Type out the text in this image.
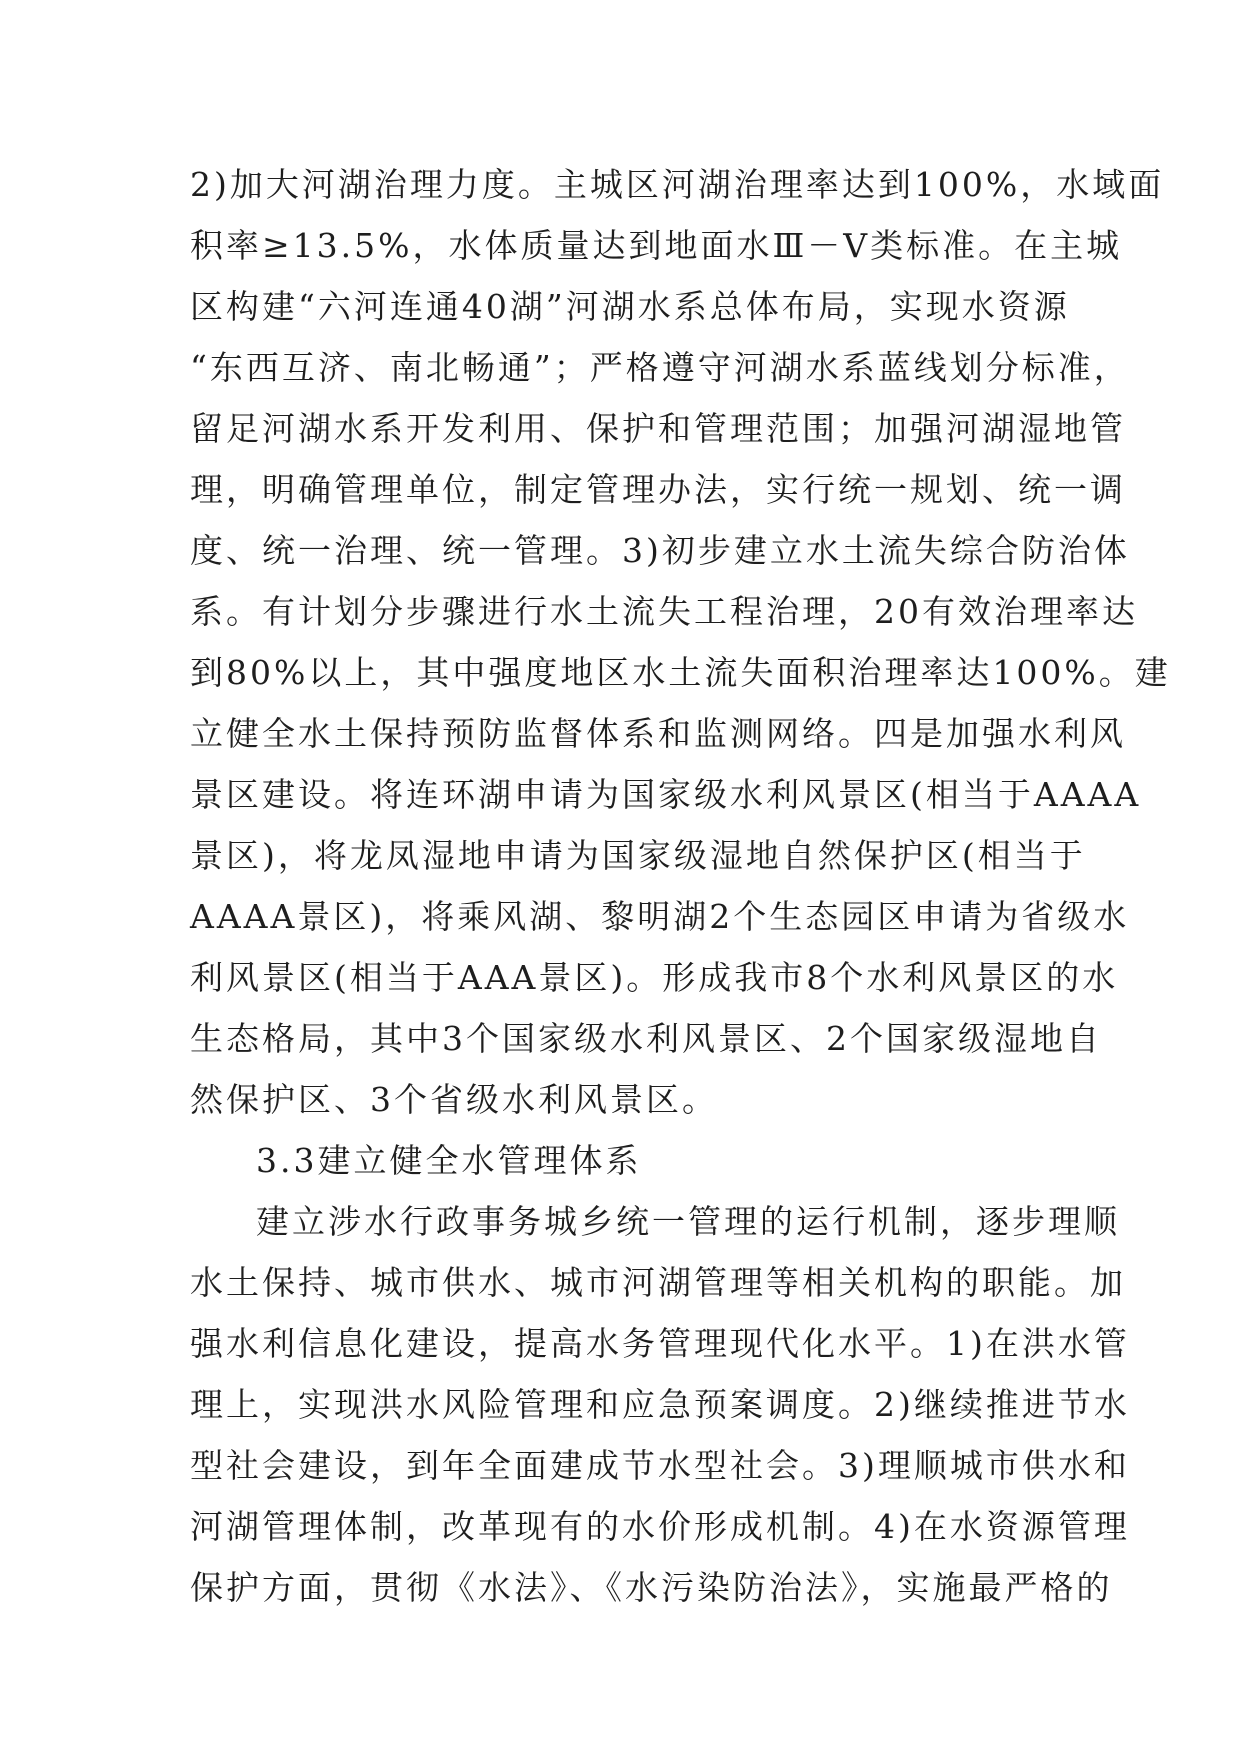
2)加大河湖治理力度。主城区河湖治理率达到100%，水域面
积率≥13.5%，水体质量达到地面水Ⅲ－Ⅴ类标准。在主城
区构建“六河连通40湖”河湖水系总体布局，实现水资源
“东西互济、南北畅通”；严格遵守河湖水系蓝线划分标准，
留足河湖水系开发利用、保护和管理范围；加强河湖湿地管
理，明确管理单位，制定管理办法，实行统一规划、统一调
度、统一治理、统一管理。3)初步建立水土流失综合防治体
系。有计划分步骤进行水土流失工程治理，20有效治理率达
到80%以上，其中强度地区水土流失面积治理率达100%。建
立健全水土保持预防监督体系和监测网络。四是加强水利风
景区建设。将连环湖申请为国家级水利风景区(相当于AAAA
景区)，将龙凤湿地申请为国家级湿地自然保护区(相当于
AAAA景区)，将乘风湖、黎明湖2个生态园区申请为省级水
利风景区(相当于AAA景区)。形成我市8个水利风景区的水
生态格局，其中3个国家级水利风景区、2个国家级湿地自
然保护区、3个省级水利风景区。
3.3建立健全水管理体系
建立涉水行政事务城乡统一管理的运行机制，逐步理顺
水土保持、城市供水、城市河湖管理等相关机构的职能。加
强水利信息化建设，提高水务管理现代化水平。1)在洪水管
理上，实现洪水风险管理和应急预案调度。2)继续推进节水
型社会建设，到年全面建成节水型社会。3)理顺城市供水和
河湖管理体制，改革现有的水价形成机制。4)在水资源管理
保护方面，贯彻《水法》、《水污染防治法》，实施最严格的
